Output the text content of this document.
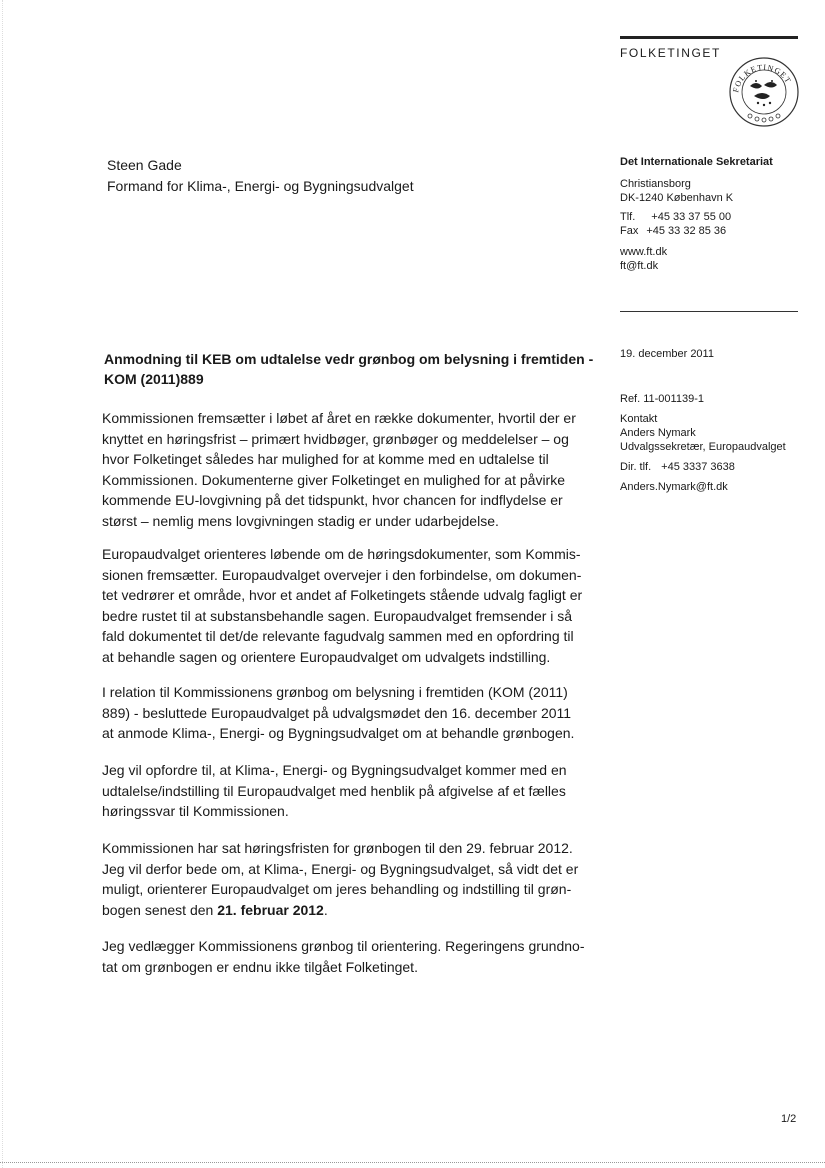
FOLKETINGET
FOLKETINGET
Steen Gade
Formand for Klima-, Energi- og Bygningsudvalget
Det Internationale Sekretariat
Christiansborg
DK-1240 København K
Tlf. +45 33 37 55 00
Fax +45 33 32 85 36
www.ft.dk
ft@ft.dk
19. december 2011
Ref. 11-001139-1
Kontakt
Anders Nymark
Udvalgssekretær, Europaudvalget
Dir. tlf. +45 3337 3638
Anders.Nymark@ft.dk
Anmodning til KEB om udtalelse vedr grønbog om belysning i fremtiden -
KOM (2011)889

Kommissionen fremsætter i løbet af året en række dokumenter, hvortil der er

knyttet en høringsfrist – primært hvidbøger, grønbøger og meddelelser – og

hvor Folketinget således har mulighed for at komme med en udtalelse til

Kommissionen. Dokumenterne giver Folketinget en mulighed for at påvirke

kommende EU-lovgivning på det tidspunkt, hvor chancen for indflydelse er

størst – nemlig mens lovgivningen stadig er under udarbejdelse.

Europaudvalget orienteres løbende om de høringsdokumenter, som Kommis-

sionen fremsætter. Europaudvalget overvejer i den forbindelse, om dokumen-

tet vedrører et område, hvor et andet af Folketingets stående udvalg fagligt er

bedre rustet til at substansbehandle sagen. Europaudvalget fremsender i så

fald dokumentet til det/de relevante fagudvalg sammen med en opfordring til

at behandle sagen og orientere Europaudvalget om udvalgets indstilling.

I relation til Kommissionens grønbog om belysning i fremtiden (KOM (2011)

889) - besluttede Europaudvalget på udvalgsmødet den 16. december 2011

at anmode Klima-, Energi- og Bygningsudvalget om at behandle grønbogen.

Jeg vil opfordre til, at Klima-, Energi- og Bygningsudvalget kommer med en

udtalelse/indstilling til Europaudvalget med henblik på afgivelse af et fælles

høringssvar til Kommissionen.

Kommissionen har sat høringsfristen for grønbogen til den 29. februar 2012.

Jeg vil derfor bede om, at Klima-, Energi- og Bygningsudvalget, så vidt det er

muligt, orienterer Europaudvalget om jeres behandling og indstilling til grøn-

bogen senest den 21. februar 2012.

Jeg vedlægger Kommissionens grønbog til orientering. Regeringens grundno-

tat om grønbogen er endnu ikke tilgået Folketinget.

1/2
